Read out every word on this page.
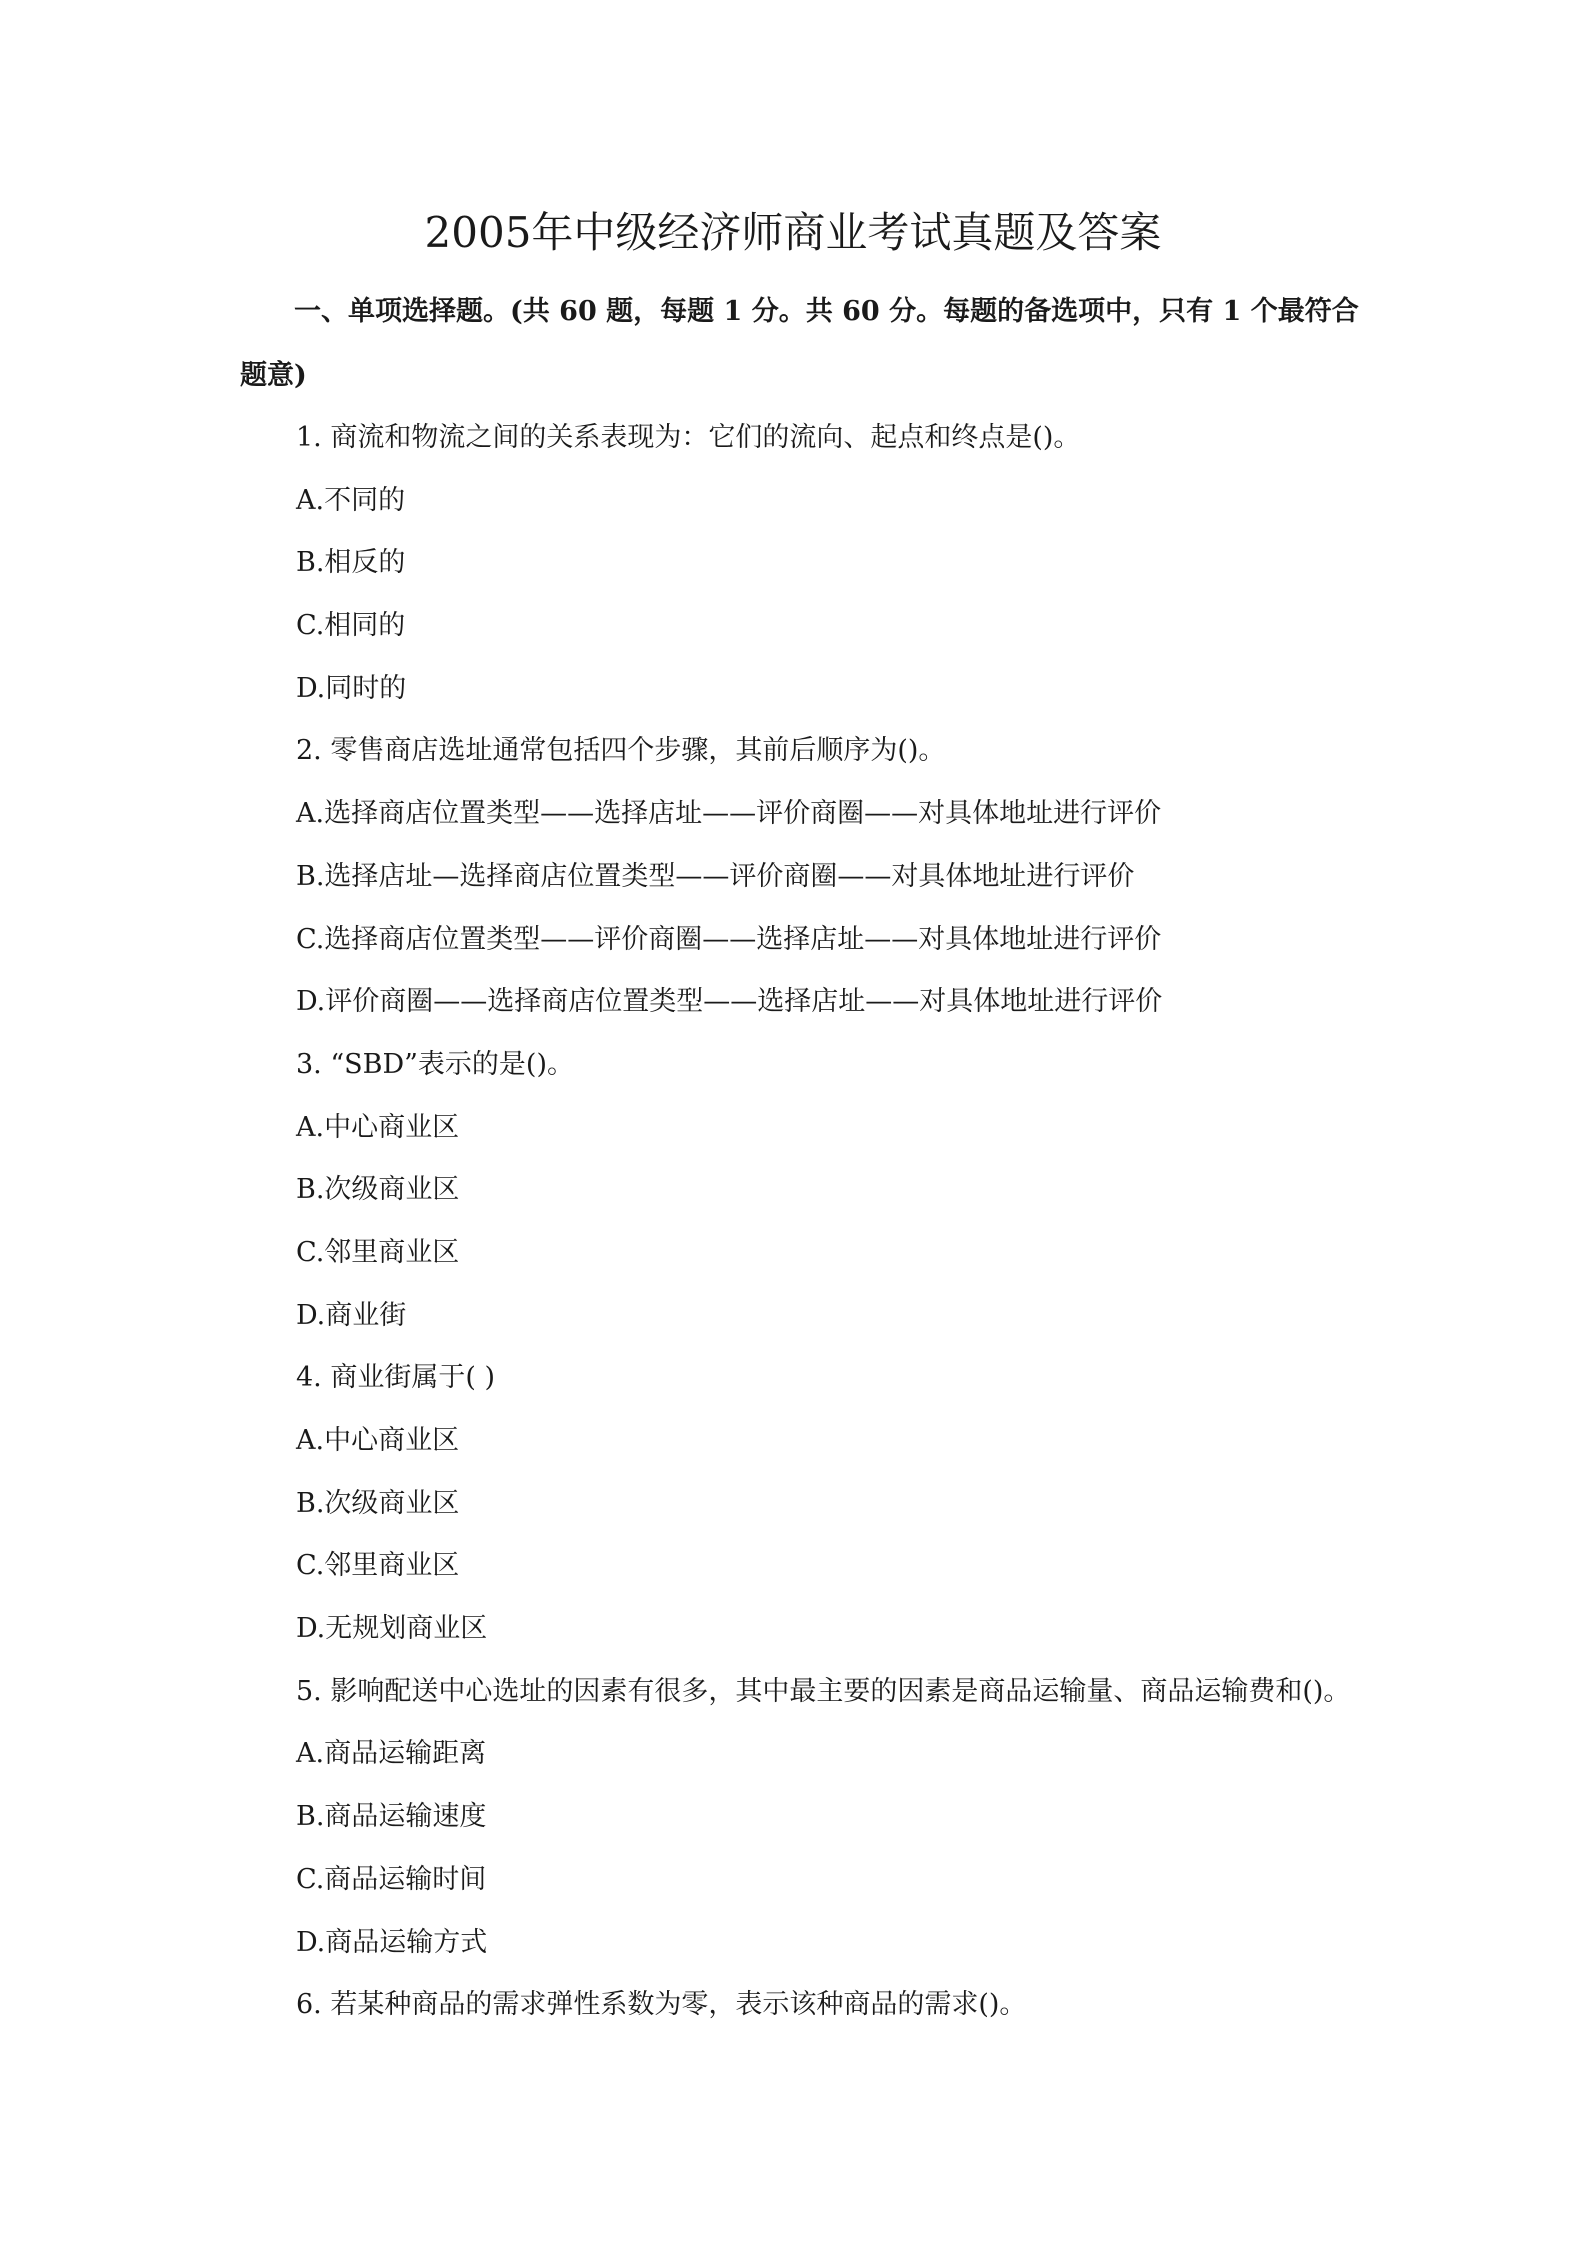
2005年中级经济师商业考试真题及答案

一、单项选择题。(共 60 题，每题 1 分。共 60 分。每题的备选项中，只有 1 个最符合题意)

1. 商流和物流之间的关系表现为：它们的流向、起点和终点是()。
A.不同的
B.相反的
C.相同的
D.同时的
2. 零售商店选址通常包括四个步骤，其前后顺序为()。
A.选择商店位置类型——选择店址——评价商圈——对具体地址进行评价
B.选择店址—选择商店位置类型——评价商圈——对具体地址进行评价
C.选择商店位置类型——评价商圈——选择店址——对具体地址进行评价
D.评价商圈——选择商店位置类型——选择店址——对具体地址进行评价
3. “SBD”表示的是()。
A.中心商业区
B.次级商业区
C.邻里商业区
D.商业街
4. 商业街属于( )
A.中心商业区
B.次级商业区
C.邻里商业区
D.无规划商业区
5. 影响配送中心选址的因素有很多，其中最主要的因素是商品运输量、商品运输费和()。
A.商品运输距离
B.商品运输速度
C.商品运输时间
D.商品运输方式
6. 若某种商品的需求弹性系数为零，表示该种商品的需求()。
